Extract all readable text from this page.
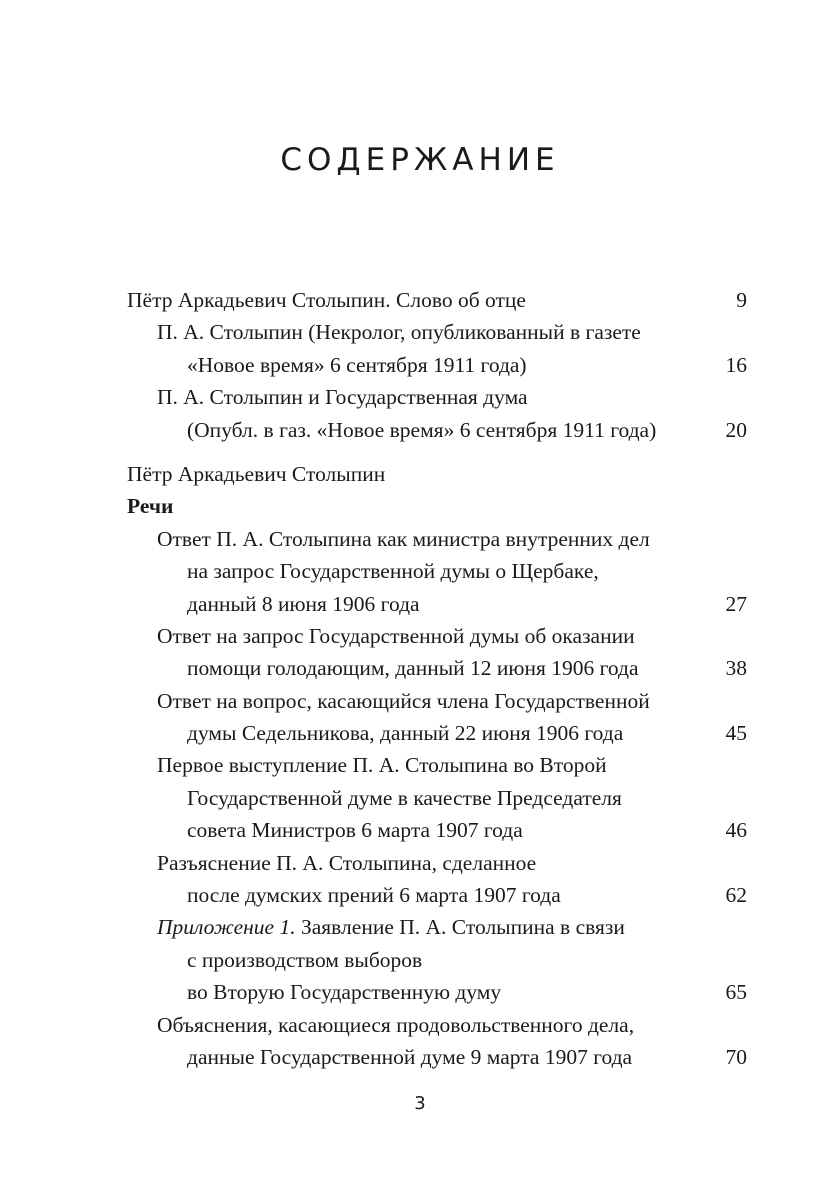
СОДЕРЖАНИЕ
Пётр Аркадьевич Столыпин. Слово об отце	9
П. А. Столыпин (Некролог, опубликованный в газете
«Новое время» 6 сентября 1911 года)	16
П. А. Столыпин и Государственная дума
(Опубл. в газ. «Новое время» 6 сентября 1911 года)	20
Пётр Аркадьевич Столыпин
Речи
Ответ П. А. Столыпина как министра внутренних дел
на запрос Государственной думы о Щербаке,
данный 8 июня 1906 года	27
Ответ на запрос Государственной думы об оказании
помощи голодающим, данный 12 июня 1906 года	38
Ответ на вопрос, касающийся члена Государственной
думы Седельникова, данный 22 июня 1906 года	45
Первое выступление П. А. Столыпина во Второй
Государственной думе в качестве Председателя
совета Министров 6 марта 1907 года	46
Разъяснение П. А. Столыпина, сделанное
после думских прений 6 марта 1907 года	62
Приложение 1. Заявление П. А. Столыпина в связи
с производством выборов
во Вторую Государственную думу	65
Объяснения, касающиеся продовольственного дела,
данные Государственной думе 9 марта 1907 года	70
3
